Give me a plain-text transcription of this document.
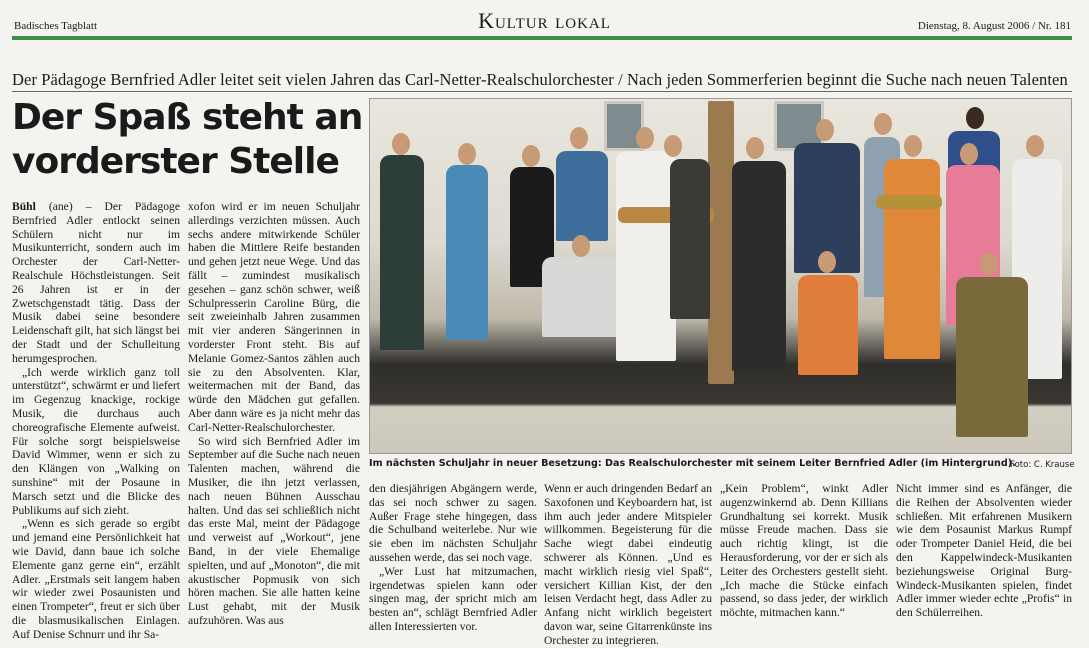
Badisches Tagblatt	Kultur lokal	Dienstag, 8. August 2006 / Nr. 181
Der Pädagoge Bernfried Adler leitet seit vielen Jahren das Carl-Netter-Realschulorchester / Nach jeden Sommerferien beginnt die Suche nach neuen Talenten
Der Spaß steht an
vorderster Stelle
Im nächsten Schuljahr in neuer Besetzung: Das Realschulorchester mit seinem Leiter Bernfried Adler (im Hintergrund).
Foto: C. Krause

Bühl (ane) – Der Pädagoge Bernfried Adler entlockt seinen Schülern nicht nur im Musikunterricht, sondern auch im Orchester der Carl-Netter-Realschule Höchstleistungen. Seit 26 Jahren ist er in der Zwetschgenstadt tätig. Dass der Musik dabei seine besondere Leidenschaft gilt, hat sich längst bei der Stadt und der Schulleitung herumgesprochen.

„Ich werde wirklich ganz toll unterstützt“, schwärmt er und liefert im Gegenzug knackige, rockige Musik, die durchaus auch choreografische Elemente aufweist. Für solche sorgt beispielsweise David Wimmer, wenn er sich zu den Klängen von „Walking on sunshine“ mit der Posaune in Marsch setzt und die Blicke des Publikums auf sich zieht.

„Wenn es sich gerade so ergibt und jemand eine Persönlichkeit hat wie David, dann baue ich solche Elemente ganz gerne ein“, erzählt Adler. „Erstmals seit langem haben wir wieder zwei Posaunisten und einen Trompeter“, freut er sich über die blasmusikalischen Einlagen. Auf Denise Schnurr und ihr Sa-

xofon wird er im neuen Schuljahr allerdings verzichten müssen. Auch sechs andere mitwirkende Schüler haben die Mittlere Reife bestanden und gehen jetzt neue Wege. Und das fällt – zumindest musikalisch gesehen – ganz schön schwer, weiß Schulpresserin Caroline Bürg, die seit zweieinhalb Jahren zusammen mit vier anderen Sängerinnen in vorderster Front steht. Bis auf Melanie Gomez-Santos zählen auch sie zu den Absolventen. Klar, weitermachen mit der Band, das würde den Mädchen gut gefallen. Aber dann wäre es ja nicht mehr das Carl-Netter-Realschulorchester.

So wird sich Bernfried Adler im September auf die Suche nach neuen Talenten machen, während die Musiker, die ihn jetzt verlassen, nach neuen Bühnen Ausschau halten. Und das sei schließlich nicht das erste Mal, meint der Pädagoge und verweist auf „Workout“, jene Band, in der viele Ehemalige spielten, und auf „Monoton“, die mit akustischer Popmusik von sich hören machen. Sie alle hatten keine Lust gehabt, mit der Musik aufzuhören. Was aus

den diesjährigen Abgängern werde, das sei noch schwer zu sagen. Außer Frage stehe hingegen, dass die Schulband weiterlebe. Nur wie sie eben im nächsten Schuljahr aussehen werde, das sei noch vage.

„Wer Lust hat mitzumachen, irgendetwas spielen kann oder singen mag, der spricht mich am besten an“, schlägt Bernfried Adler allen Interessierten vor.

Wenn er auch dringenden Bedarf an Saxofonen und Keyboardern hat, ist ihm auch jeder andere Mitspieler willkommen. Begeisterung für die Sache wiegt dabei eindeutig schwerer als Können. „Und es macht wirklich riesig viel Spaß“, versichert Killian Kist, der den leisen Verdacht hegt, dass Adler zu Anfang nicht wirklich begeistert davon war, seine Gitarrenkünste ins Orchester zu integrieren.

„Kein Problem“, winkt Adler augenzwinkernd ab. Denn Killians Grundhaltung sei korrekt. Musik müsse Freude machen. Dass sie auch richtig klingt, ist die Herausforderung, vor der er sich als Leiter des Orchesters gestellt sieht. „Ich mache die Stücke einfach passend, so dass jeder, der wirklich möchte, mitmachen kann.“

Nicht immer sind es Anfänger, die die Reihen der Absolventen wieder schließen. Mit erfahrenen Musikern wie dem Posaunist Markus Rumpf oder Trompeter Daniel Heid, die bei den Kappelwindeck-Musikanten beziehungsweise Original Burg-Windeck-Musikanten spielen, findet Adler immer wieder echte „Profis“ in den Schülerreihen.
